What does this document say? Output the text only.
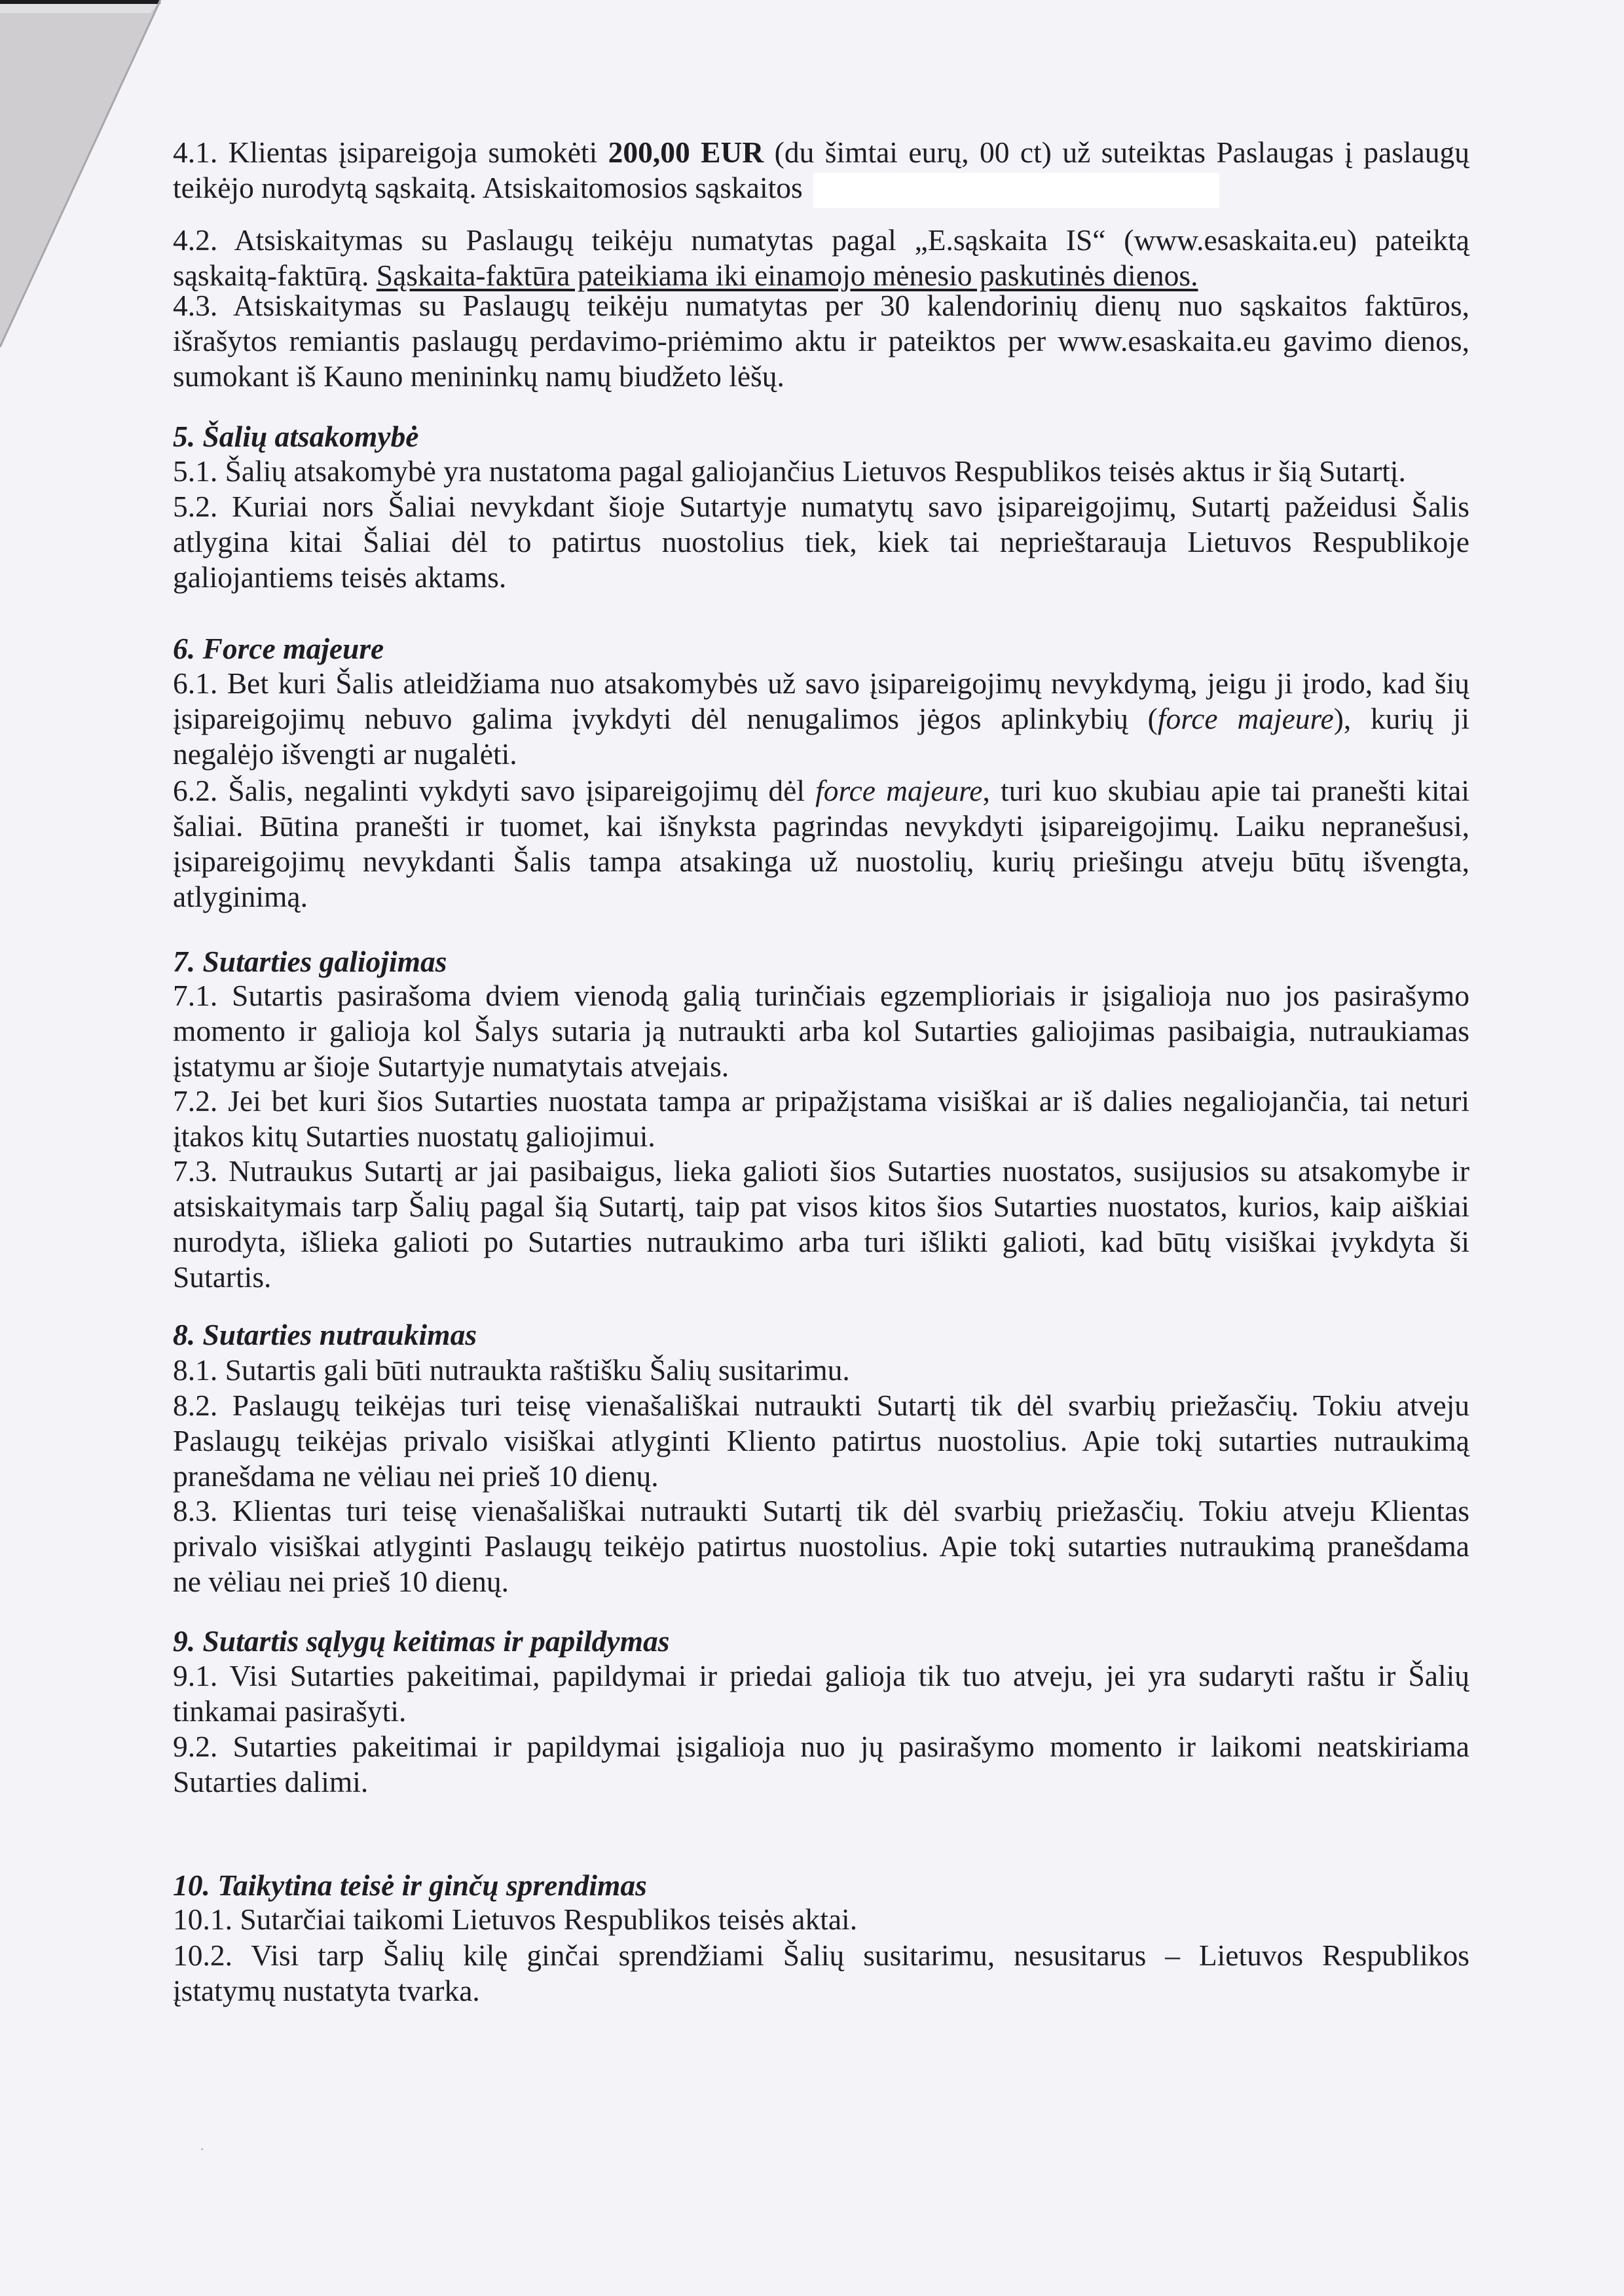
4.1. Klientas įsipareigoja sumokėti 200,00 EUR (du šimtai eurų, 00 ct) už suteiktas Paslaugas į paslaugų
teikėjo nurodytą sąskaitą. Atsiskaitomosios sąskaitos
4.2. Atsiskaitymas su Paslaugų teikėju numatytas pagal „E.sąskaita IS“ (www.esaskaita.eu) pateiktą
sąskaitą-faktūrą. Sąskaita-faktūra pateikiama iki einamojo mėnesio paskutinės dienos.
4.3. Atsiskaitymas su Paslaugų teikėju numatytas per 30 kalendorinių dienų nuo sąskaitos faktūros,
išrašytos remiantis paslaugų perdavimo-priėmimo aktu ir pateiktos per www.esaskaita.eu gavimo dienos,
sumokant iš Kauno menininkų namų biudžeto lėšų.
5. Šalių atsakomybė
5.1. Šalių atsakomybė yra nustatoma pagal galiojančius Lietuvos Respublikos teisės aktus ir šią Sutartį.
5.2. Kuriai nors Šaliai nevykdant šioje Sutartyje numatytų savo įsipareigojimų, Sutartį pažeidusi Šalis
atlygina kitai Šaliai dėl to patirtus nuostolius tiek, kiek tai neprieštarauja Lietuvos Respublikoje
galiojantiems teisės aktams.
6. Force majeure
6.1. Bet kuri Šalis atleidžiama nuo atsakomybės už savo įsipareigojimų nevykdymą, jeigu ji įrodo, kad šių
įsipareigojimų nebuvo galima įvykdyti dėl nenugalimos jėgos aplinkybių (force majeure), kurių ji
negalėjo išvengti ar nugalėti.
6.2. Šalis, negalinti vykdyti savo įsipareigojimų dėl force majeure, turi kuo skubiau apie tai pranešti kitai
šaliai. Būtina pranešti ir tuomet, kai išnyksta pagrindas nevykdyti įsipareigojimų. Laiku nepranešusi,
įsipareigojimų nevykdanti Šalis tampa atsakinga už nuostolių, kurių priešingu atveju būtų išvengta,
atlyginimą.
7. Sutarties galiojimas
7.1. Sutartis pasirašoma dviem vienodą galią turinčiais egzemplioriais ir įsigalioja nuo jos pasirašymo
momento ir galioja kol Šalys sutaria ją nutraukti arba kol Sutarties galiojimas pasibaigia, nutraukiamas
įstatymu ar šioje Sutartyje numatytais atvejais.
7.2. Jei bet kuri šios Sutarties nuostata tampa ar pripažįstama visiškai ar iš dalies negaliojančia, tai neturi
įtakos kitų Sutarties nuostatų galiojimui.
7.3. Nutraukus Sutartį ar jai pasibaigus, lieka galioti šios Sutarties nuostatos, susijusios su atsakomybe ir
atsiskaitymais tarp Šalių pagal šią Sutartį, taip pat visos kitos šios Sutarties nuostatos, kurios, kaip aiškiai
nurodyta, išlieka galioti po Sutarties nutraukimo arba turi išlikti galioti, kad būtų visiškai įvykdyta ši
Sutartis.
8. Sutarties nutraukimas
8.1. Sutartis gali būti nutraukta raštišku Šalių susitarimu.
8.2. Paslaugų teikėjas turi teisę vienašališkai nutraukti Sutartį tik dėl svarbių priežasčių. Tokiu atveju
Paslaugų teikėjas privalo visiškai atlyginti Kliento patirtus nuostolius. Apie tokį sutarties nutraukimą
pranešdama ne vėliau nei prieš 10 dienų.
8.3. Klientas turi teisę vienašališkai nutraukti Sutartį tik dėl svarbių priežasčių. Tokiu atveju Klientas
privalo visiškai atlyginti Paslaugų teikėjo patirtus nuostolius. Apie tokį sutarties nutraukimą pranešdama
ne vėliau nei prieš 10 dienų.
9. Sutartis sąlygų keitimas ir papildymas
9.1. Visi Sutarties pakeitimai, papildymai ir priedai galioja tik tuo atveju, jei yra sudaryti raštu ir Šalių
tinkamai pasirašyti.
9.2. Sutarties pakeitimai ir papildymai įsigalioja nuo jų pasirašymo momento ir laikomi neatskiriama
Sutarties dalimi.
10. Taikytina teisė ir ginčų sprendimas
10.1. Sutarčiai taikomi Lietuvos Respublikos teisės aktai.
10.2. Visi tarp Šalių kilę ginčai sprendžiami Šalių susitarimu, nesusitarus – Lietuvos Respublikos
įstatymų nustatyta tvarka.
·
